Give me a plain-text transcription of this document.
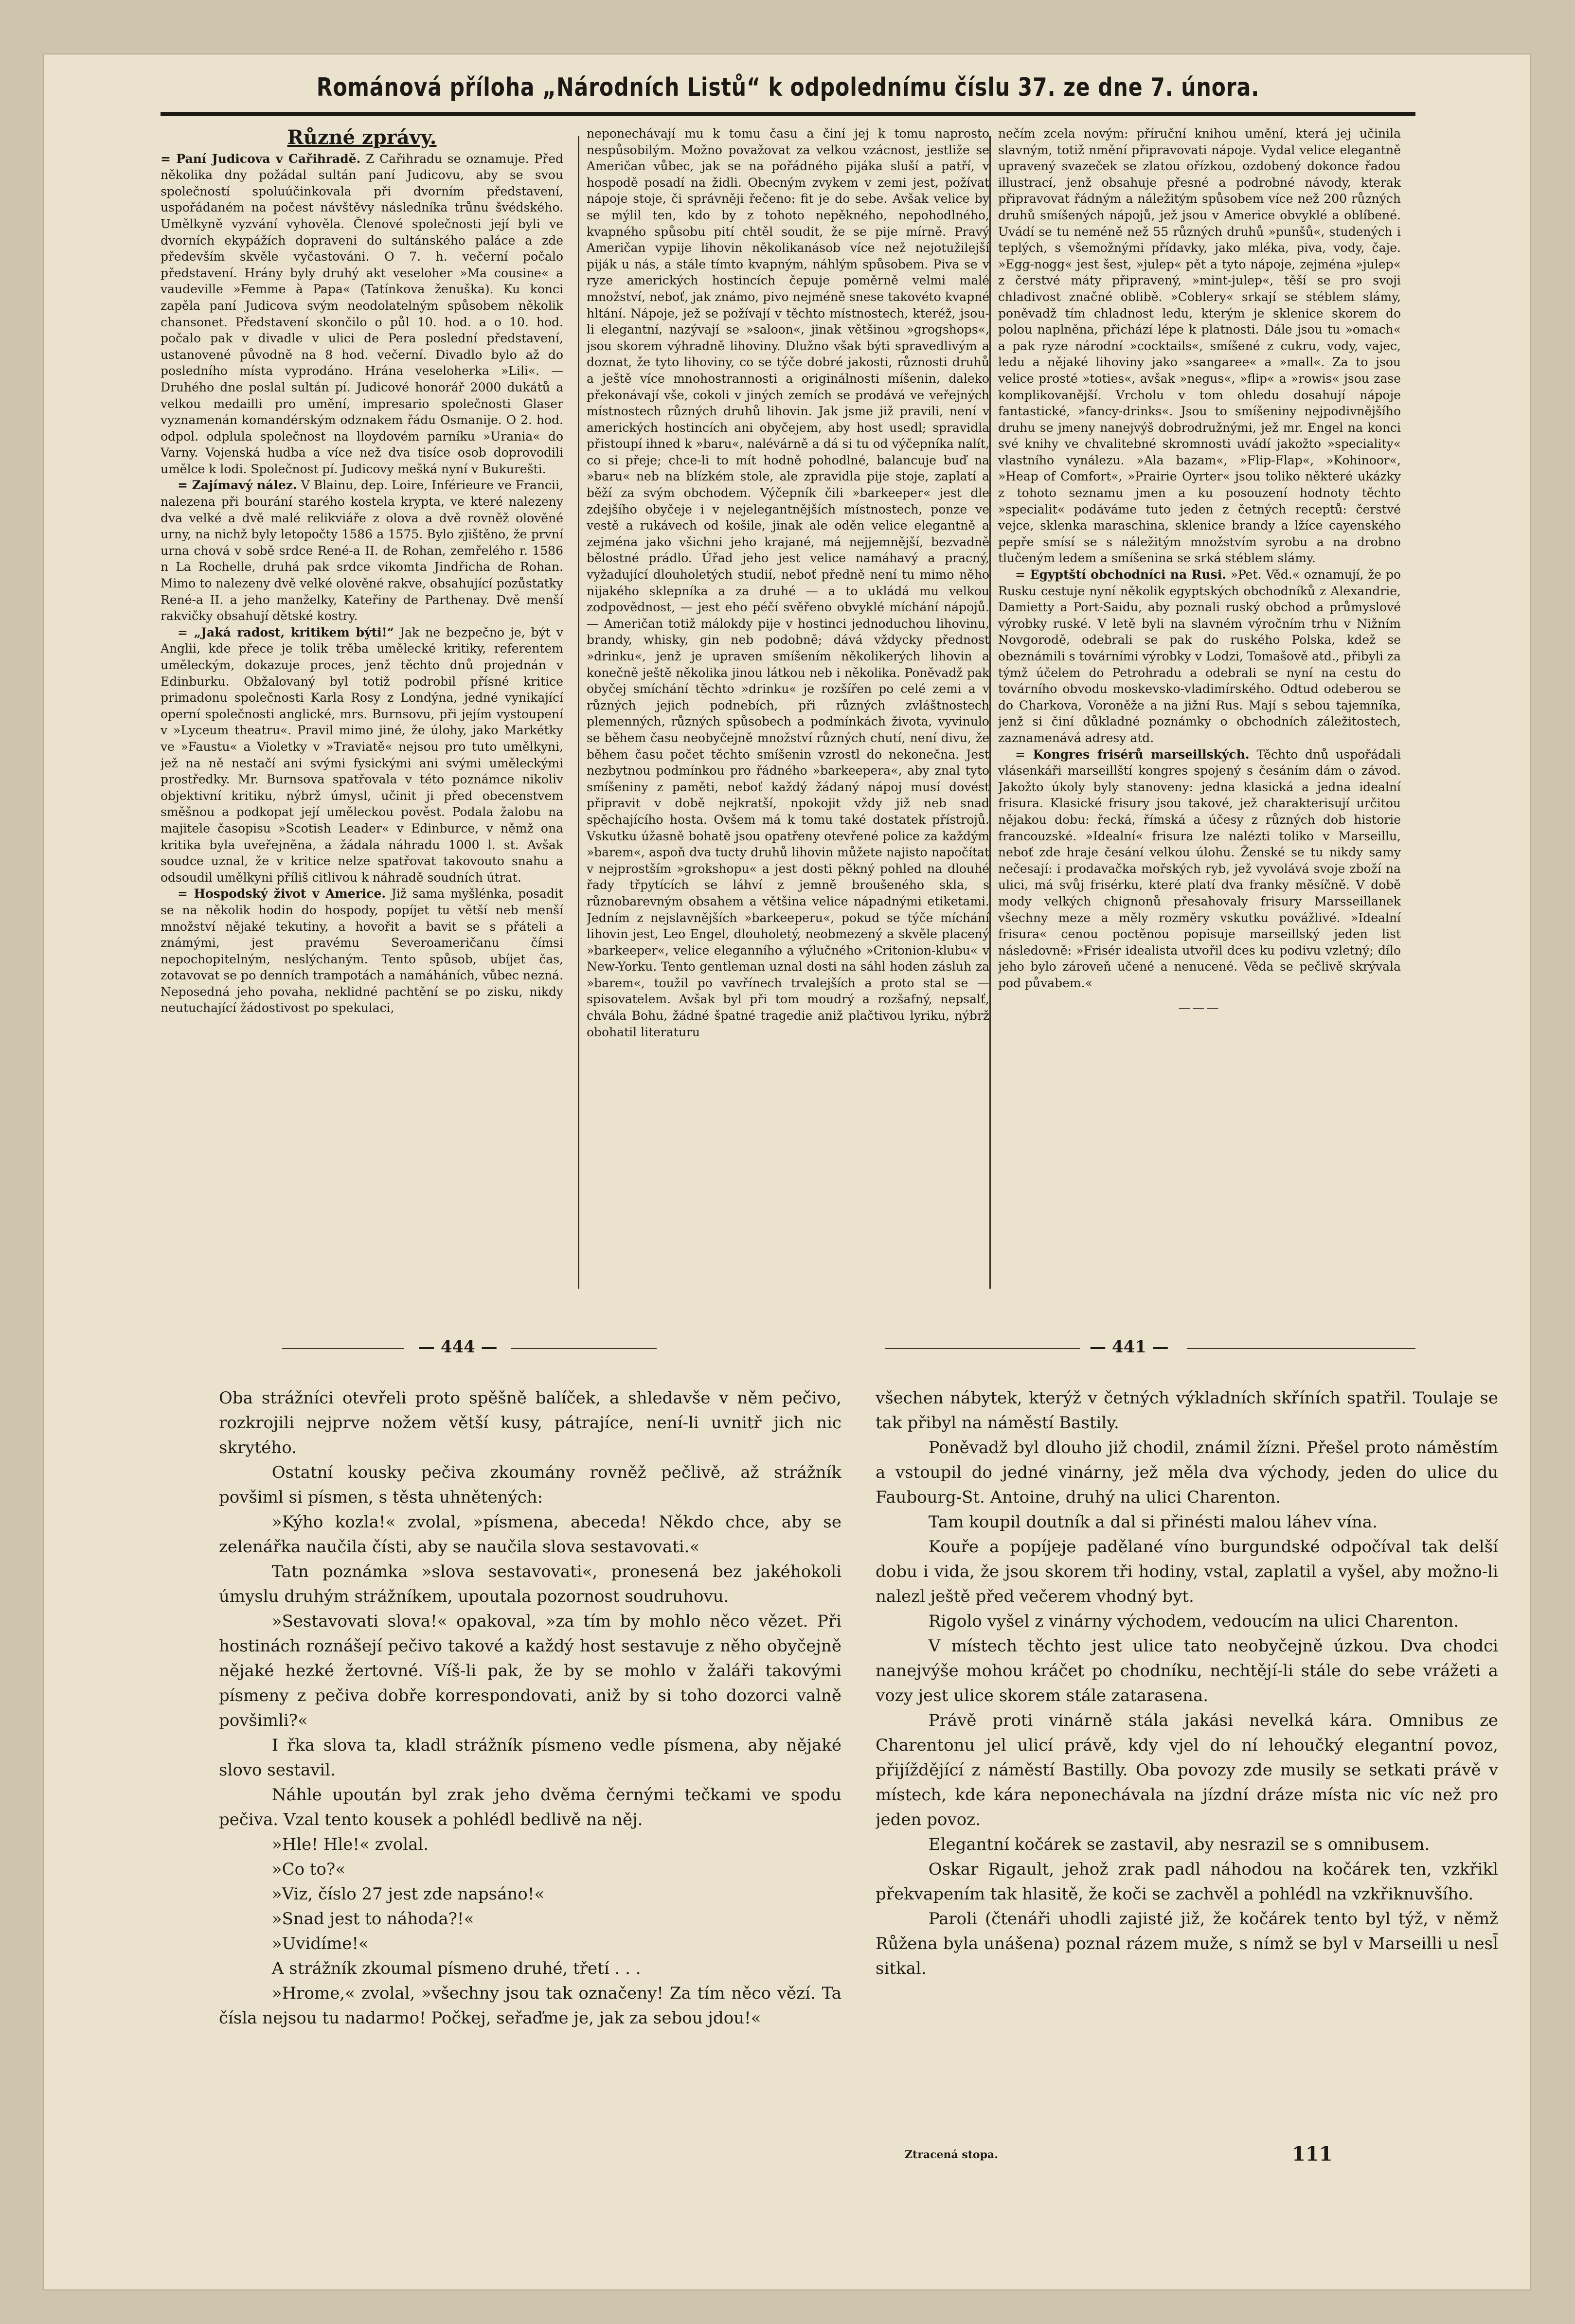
Románová příloha „Národních Listů“ k odpolednímu číslu 37. ze dne 7. února.
Různé zprávy.

= Paní Judicova v Cařihradě. Z Cařihradu se oznamuje. Před několika dny požádal sultán paní Judicovu, aby se svou společností spoluúčinkovala při dvorním představení, uspořádaném na počest návštěvy následníka trůnu švédského. Umělkyně vyzvání vyhověla. Členové společnosti její byli ve dvorních ekypážích dopraveni do sultánského paláce a zde především skvěle vyčastováni. O 7. h. večerní počalo představení. Hrány byly druhý akt veseloher »Ma cousine« a vaudeville »Femme à Papa« (Tatínkova ženuška). Ku konci zapěla paní Judicova svým neodolatelným spůsobem několik chansonet. Představení skončilo o půl 10. hod. a o 10. hod. počalo pak v divadle v ulici de Pera poslední představení, ustanovené původně na 8 hod. večerní. Divadlo bylo až do posledního místa vyprodáno. Hrána veseloherka »Lili«. — Druhého dne poslal sultán pí. Judicové honorář 2000 dukátů a velkou medailli pro umění, impresario společnosti Glaser vyznamenán komandérským odznakem řádu Osmanije. O 2. hod. odpol. odplula společnost na lloydovém parníku »Urania« do Varny. Vojenská hudba a více než dva tisíce osob doprovodili umělce k lodi. Společnost pí. Judicovy mešká nyní v Bukurešti.

= Zajímavý nález. V Blainu, dep. Loire, Inférieure ve Francii, nalezena při bourání starého kostela krypta, ve které nalezeny dva velké a dvě malé relikviáře z olova a dvě rovněž olověné urny, na nichž byly letopočty 1586 a 1575. Bylo zjištěno, že první urna chová v sobě srdce René-a II. de Rohan, zemřelého r. 1586 n La Rochelle, druhá pak srdce vikomta Jindřicha de Rohan. Mimo to nalezeny dvě velké olověné rakve, obsahující pozůstatky René-a II. a jeho manželky, Kateřiny de Parthenay. Dvě menší rakvičky obsahují dětské kostry.

= „Jaká radost, kritikem býti!“ Jak ne bezpečno je, být v Anglii, kde přece je tolik trěba umělecké kritiky, referentem uměleckým, dokazuje proces, jenž těchto dnů projednán v Edinburku. Obžalovaný byl totiž podrobil přísné kritice primadonu společnosti Karla Rosy z Londýna, jedné vynikající operní společnosti anglické, mrs. Burnsovu, při jejím vystoupení v »Lyceum theatru«. Pravil mimo jiné, že úlohy, jako Markétky ve »Faustu« a Violetky v »Traviatě« nejsou pro tuto umělkyni, jež na ně nestačí ani svými fysickými ani svými uměleckými prostředky. Mr. Burnsova spatřovala v této poznámce nikoliv objektivní kritiku, nýbrž úmysl, učinit ji před obecenstvem směšnou a podkopat její uměleckou pověst. Podala žalobu na majitele časopisu »Scotish Leader« v Edinburce, v němž ona kritika byla uveřejněna, a žádala náhradu 1000 l. st. Avšak soudce uznal, že v kritice nelze spatřovat takovouto snahu a odsoudil umělkyni příliš citlivou k náhradě soudních útrat.

= Hospodský život v Americe. Již sama myšlénka, posadit se na několik hodin do hospody, popíjet tu větší neb menší množství nějaké tekutiny, a hovořit a bavit se s přáteli a známými, jest pravému Severoameričanu čímsi nepochopitelným, neslýchaným. Tento spůsob, ubíjet čas, zotavovat se po denních trampotách a namáháních, vůbec nezná. Neposedná jeho povaha, neklidné pachtění se po zisku, nikdy neutuchající žádostivost po spekulaci,

neponechávají mu k tomu času a činí jej k tomu naprosto nespůsobilým. Možno považovat za velkou vzácnost, jestliže se Američan vůbec, jak se na pořádného pijáka sluší a patří, v hospodě posadí na židli. Obecným zvykem v zemi jest, požívat nápoje stoje, či správněji řečeno: fit je do sebe. Avšak velice by se mýlil ten, kdo by z tohoto nepěkného, nepohodlného, kvapného spůsobu pití chtěl soudit, že se pije mírně. Pravý Američan vypije lihovin několikanásob více než nejotužilejší piják u nás, a stále tímto kvapným, náhlým spůsobem. Piva se v ryze amerických hostincích čepuje poměrně velmi malé množství, neboť, jak známo, pivo nejméně snese takovéto kvapné hltání. Nápoje, jež se požívají v těchto místnostech, kteréž, jsou-li elegantní, nazývají se »saloon«, jinak většinou »grogshops«, jsou skorem výhradně lihoviny. Dlužno však býti spravedlivým a doznat, že tyto lihoviny, co se týče dobré jakosti, různosti druhů a ještě více mnohostrannosti a originálnosti míšenin, daleko překonávají vše, cokoli v jiných zemích se prodává ve veřejných místnostech různých druhů lihovin. Jak jsme již pravili, není v amerických hostincích ani obyčejem, aby host usedl; spravidla přistoupí ihned k »baru«, nalévárně a dá si tu od výčepníka nalít, co si přeje; chce-li to mít hodně pohodlné, balancuje buď na »baru« neb na blízkém stole, ale zpravidla pije stoje, zaplatí a běží za svým obchodem. Výčepník čili »barkeeper« jest dle zdejšího obyčeje i v nejelegantnějších místnostech, ponze ve vestě a rukávech od košile, jinak ale oděn velice elegantně a zejména jako všichni jeho krajané, má nejjemnější, bezvadně bělostné prádlo. Úřad jeho jest velice namáhavý a pracný, vyžadující dlouholetých studií, neboť předně není tu mimo něho nijakého sklepníka a za druhé — a to ukládá mu velkou zodpovědnost, — jest eho péčí svěřeno obvyklé míchání nápojů. — Američan totiž málokdy pije v hostinci jednoduchou lihovinu, brandy, whisky, gin neb podobně; dává vždycky přednost »drinku«, jenž je upraven smíšením několikerých lihovin a konečně ještě několika jinou látkou neb i několika. Poněvadž pak obyčej smíchání těchto »drinku« je rozšířen po celé zemi a v různých jejich podnebích, při různých zvláštnostech plemenných, různých spůsobech a podmínkách života, vyvinulo se během času neobyčejně množství různých chutí, není divu, že během času počet těchto smíšenin vzrostl do nekonečna. Jest nezbytnou podmínkou pro řádného »barkeepera«, aby znal tyto smíšeniny z paměti, neboť každý žádaný nápoj musí dovést připravit v době nejkratší, npokojit vždy již neb snad spěchajícího hosta. Ovšem má k tomu také dostatek přístrojů. Vskutku úžasně bohatě jsou opatřeny otevřené police za každým »barem«, aspoň dva tucty druhů lihovin můžete najisto napočítat v nejprostším »grokshopu« a jest dosti pěkný pohled na dlouhé řady třpytících se láhví z jemně broušeného skla, s různobarevným obsahem a většina velice nápadnými etiketami. Jedním z nejslavnějších »barkeeperu«, pokud se týče míchání lihovin jest, Leo Engel, dlouholetý, neobmezený a skvěle placený »barkeeper«, velice eleganního a výlučného »Critonion-klubu« v New-Yorku. Tento gentleman uznal dosti na sáhl hoden zásluh za »barem«, toužil po vavřínech trvalejších a proto stal se — spisovatelem. Avšak byl při tom moudrý a rozšafný, nepsalť, chvála Bohu, žádné špatné tragedie aniž plačtivou lyriku, nýbrž obohatil literaturu

nečím zcela novým: příruční knihou umění, která jej učinila slavným, totiž nmění připravovati nápoje. Vydal velice elegantně upravený svazeček se zlatou ořízkou, ozdobený dokonce řadou illustrací, jenž obsahuje přesné a podrobné návody, kterak připravovat řádným a náležitým spůsobem více než 200 různých druhů smíšených nápojů, jež jsou v Americe obvyklé a oblíbené. Uvádí se tu neméně než 55 různých druhů »punšů«, studených i teplých, s všemožnými přídavky, jako mléka, piva, vody, čaje. »Egg-nogg« jest šest, »julep« pět a tyto nápoje, zejména »julep« z čerstvé máty připravený, »mint-julep«, těší se pro svoji chladivost značné oblibě. »Coblery« srkají se stéblem slámy, poněvadž tím chladnost ledu, kterým je sklenice skorem do polou naplněna, přichází lépe k platnosti. Dále jsou tu »omach« a pak ryze národní »cocktails«, smíšené z cukru, vody, vajec, ledu a nějaké lihoviny jako »sangaree« a »mall«. Za to jsou velice prosté »toties«, avšak »negus«, »flip« a »rowis« jsou zase komplikovanější. Vrcholu v tom ohledu dosahují nápoje fantastické, »fancy-drinks«. Jsou to smíšeniny nejpodivnějšího druhu se jmeny nanejvýš dobrodružnými, jež mr. Engel na konci své knihy ve chvalitebné skromnosti uvádí jakožto »speciality« vlastního vynálezu. »Ala bazam«, »Flip-Flap«, »Kohinoor«, »Heap of Comfort«, »Prairie Oyrter« jsou toliko některé ukázky z tohoto seznamu jmen a ku posouzení hodnoty těchto »specialit« podáváme tuto jeden z četných receptů: čerstvé vejce, sklenka maraschina, sklenice brandy a lžíce cayenského pepře smísí se s náležitým množstvím syrobu a na drobno tlučeným ledem a smíšenina se srká stéblem slámy.

= Egyptští obchodníci na Rusi. »Pet. Věd.« oznamují, že po Rusku cestuje nyní několik egyptských obchodníků z Alexandrie, Damietty a Port-Saidu, aby poznali ruský obchod a průmyslové výrobky ruské. V letě byli na slavném výročním trhu v Nižním Novgorodě, odebrali se pak do ruského Polska, kdež se obeznámili s továrními výrobky v Lodzi, Tomašově atd., přibyli za týmž účelem do Petrohradu a odebrali se nyní na cestu do továrního obvodu moskevsko-vladimírského. Odtud odeberou se do Charkova, Voroněže a na jižní Rus. Mají s sebou tajemníka, jenž si činí důkladné poznámky o obchodních záležitostech, zaznamenává adresy atd.

= Kongres frisérů marseillských. Těchto dnů uspořádali vlásenkáři marseillští kongres spojený s česáním dám o závod. Jakožto úkoly byly stanoveny: jedna klasická a jedna idealní frisura. Klasické frisury jsou takové, jež charakterisují určitou nějakou dobu: řecká, římská a účesy z různých dob historie francouzské. »Idealní« frisura lze nalézti toliko v Marseillu, neboť zde hraje česání velkou úlohu. Ženské se tu nikdy samy nečesají: i prodavačka mořských ryb, jež vyvolává svoje zboží na ulici, má svůj frisérku, které platí dva franky měsíčně. V době mody velkých chignonů přesahovaly frisury Marsseillanek všechny meze a měly rozměry vskutku povážlivé. »Idealní frisura« cenou poctěnou popisuje marseillský jeden list následovně: »Frisér idealista utvořil dces ku podivu vzletný; dílo jeho bylo zároveň učené a nenucené. Věda se pečlivě skrývala pod půvabem.«

———
— 444 —	— 441 —

Oba strážníci otevřeli proto spěšně balíček, a shledavše v něm pečivo, rozkrojili nejprve nožem větší kusy, pátrajíce, není-li uvnitř jich nic skrytého.

Ostatní kousky pečiva zkoumány rovněž pečlivě, až strážník povšiml si písmen, s těsta uhnětených:

»Kýho kozla!« zvolal, »písmena, abeceda! Někdo chce, aby se zelenářka naučila čísti, aby se naučila slova sestavovati.«

Tatn poznámka »slova sestavovati«, pronesená bez jakéhokoli úmyslu druhým strážníkem, upoutala pozornost soudruhovu.

»Sestavovati slova!« opakoval, »za tím by mohlo něco vězet. Při hostinách roznášejí pečivo takové a každý host sestavuje z něho obyčejně nějaké hezké žertovné. Víš-li pak, že by se mohlo v žaláři takovými písmeny z pečiva dobře korrespondovati, aniž by si toho dozorci valně povšimli?«

I řka slova ta, kladl strážník písmeno vedle písmena, aby nějaké slovo sestavil.

Náhle upoután byl zrak jeho dvěma černými tečkami ve spodu pečiva. Vzal tento kousek a pohlédl bedlivě na něj.

»Hle! Hle!« zvolal.

»Co to?«

»Viz, číslo 27 jest zde napsáno!«

»Snad jest to náhoda?!«

»Uvidíme!«

A strážník zkoumal písmeno druhé, třetí . . .

»Hrome,« zvolal, »všechny jsou tak označeny! Za tím něco vězí. Ta čísla nejsou tu nadarmo! Počkej, seřaďme je, jak za sebou jdou!«

všechen nábytek, kterýž v četných výkladních skříních spatřil. Toulaje se tak přibyl na náměstí Bastily.

Poněvadž byl dlouho již chodil, známil žízni. Přešel proto náměstím a vstoupil do jedné vinárny, jež měla dva východy, jeden do ulice du Faubourg-St. Antoine, druhý na ulici Charenton.

Tam koupil doutník a dal si přinésti malou láhev vína.

Kouře a popíjeje padělané víno burgundské odpočíval tak delší dobu i vida, že jsou skorem tři hodiny, vstal, zaplatil a vyšel, aby možno-li nalezl ještě před večerem vhodný byt.

Rigolo vyšel z vinárny východem, vedoucím na ulici Charenton.

V místech těchto jest ulice tato neobyčejně úzkou. Dva chodci nanejvýše mohou kráčet po chodníku, nechtějí-li stále do sebe vrážeti a vozy jest ulice skorem stále zatarasena.

Právě proti vinárně stála jakási nevelká kára. Omnibus ze Charentonu jel ulicí právě, kdy vjel do ní lehoučký elegantní povoz, přijíždějící z náměstí Bastilly. Oba povozy zde musily se setkati právě v místech, kde kára neponechávala na jízdní dráze místa nic víc než pro jeden povoz.

Elegantní kočárek se zastavil, aby nesrazil se s omnibusem.

Oskar Rigault, jehož zrak padl náhodou na kočárek ten, vzkřikl překvapením tak hlasitě, že koči se zachvěl a pohlédl na vzkřiknuvšího.

Paroli (čtenáři uhodli zajisté již, že kočárek tento byl týž, v němž Růžena byla unášena) poznal rázem muže, s nímž se byl v Marseilli u nesl̄ sitkal.

Ztracená stopa.	111
